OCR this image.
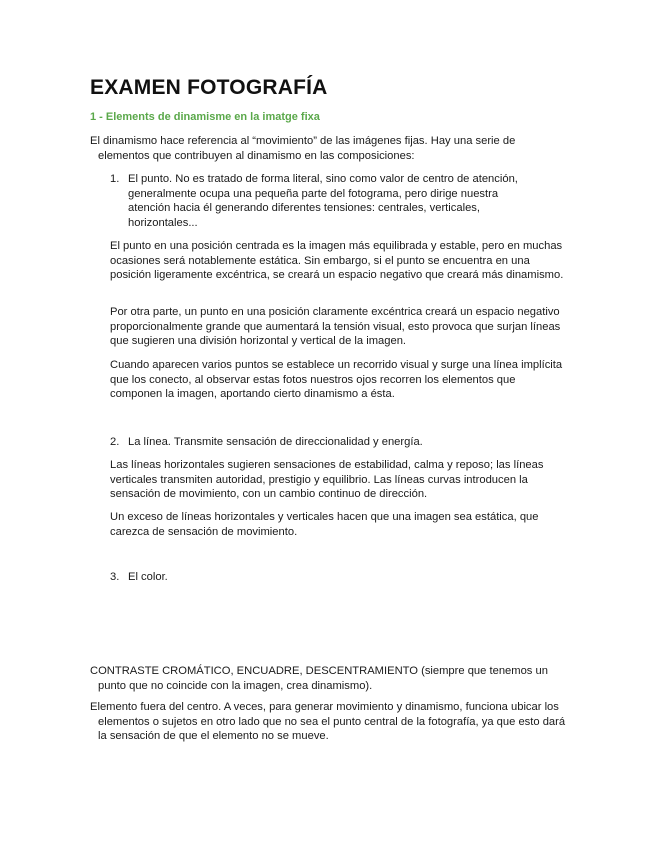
EXAMEN FOTOGRAFÍA

1 - Elements de dinamisme en la imatge fixa

El dinamismo hace referencia al “movimiento” de las imágenes fijas. Hay una serie de elementos que contribuyen al dinamismo en las composiciones:

1. El punto. No es tratado de forma literal, sino como valor de centro de atención, generalmente ocupa una pequeña parte del fotograma, pero dirige nuestra atención hacia él generando diferentes tensiones: centrales, verticales, horizontales...

El punto en una posición centrada es la imagen más equilibrada y estable, pero en muchas ocasiones será notablemente estática. Sin embargo, si el punto se encuentra en una posición ligeramente excéntrica, se creará un espacio negativo que creará más dinamismo.

Por otra parte, un punto en una posición claramente excéntrica creará un espacio negativo proporcionalmente grande que aumentará la tensión visual, esto provoca que surjan líneas que sugieren una división horizontal y vertical de la imagen.

Cuando aparecen varios puntos se establece un recorrido visual y surge una línea implícita que los conecto, al observar estas fotos nuestros ojos recorren los elementos que componen la imagen, aportando cierto dinamismo a ésta.

2. La línea. Transmite sensación de direccionalidad y energía.

Las líneas horizontales sugieren sensaciones de estabilidad, calma y reposo; las líneas verticales transmiten autoridad, prestigio y equilibrio. Las líneas curvas introducen la sensación de movimiento, con un cambio continuo de dirección.

Un exceso de líneas horizontales y verticales hacen que una imagen sea estática, que carezca de sensación de movimiento.

3. El color.

CONTRASTE CROMÁTICO, ENCUADRE, DESCENTRAMIENTO (siempre que tenemos un punto que no coincide con la imagen, crea dinamismo).

Elemento fuera del centro. A veces, para generar movimiento y dinamismo, funciona ubicar los elementos o sujetos en otro lado que no sea el punto central de la fotografía, ya que esto dará la sensación de que el elemento no se mueve.
